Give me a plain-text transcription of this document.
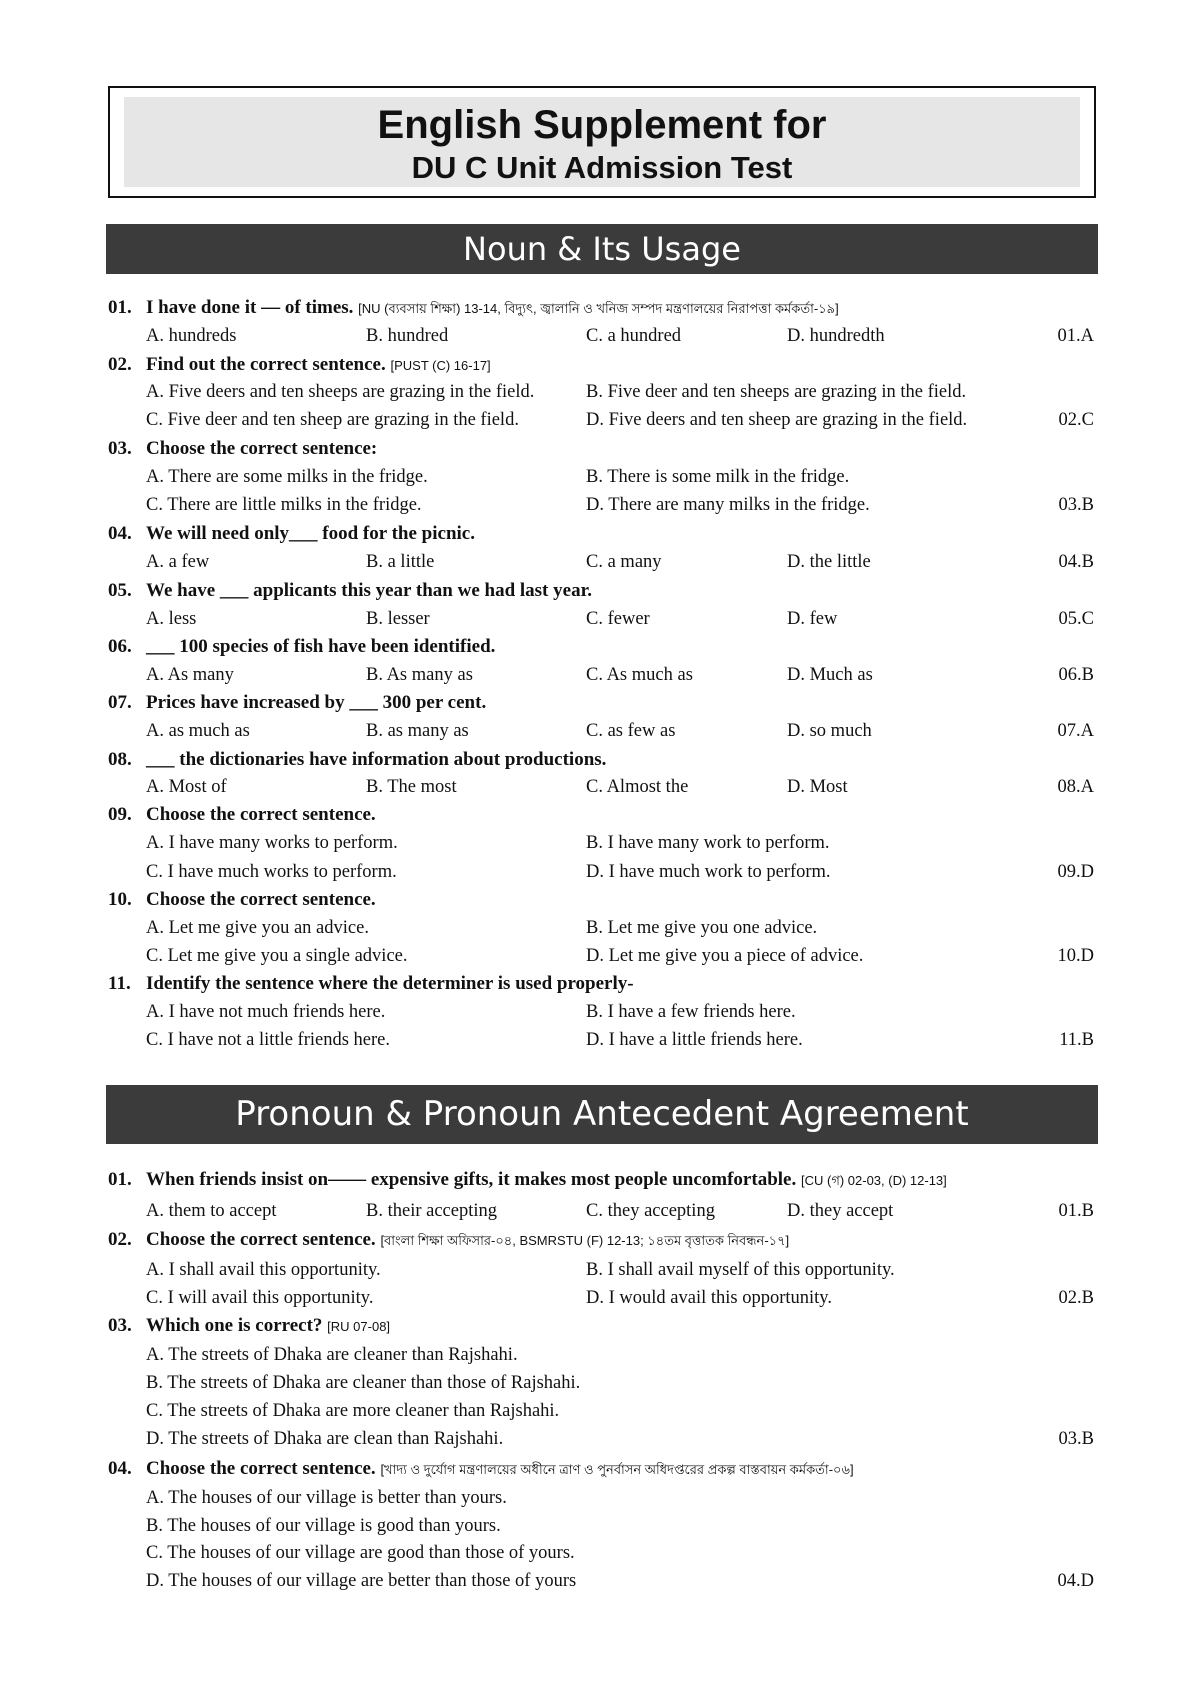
English Supplement for
DU C Unit Admission Test
Noun & Its Usage
01. I have done it — of times. [NU (ব্যবসায় শিক্ষা) 13-14, বিদ্যুৎ, জ্বালানি ও খনিজ সম্পদ মন্ত্রণালয়ের নিরাপত্তা কর্মকর্তা-১৯]
A. hundreds	B. hundred	C. a hundred	D. hundredth	01.A
02. Find out the correct sentence. [PUST (C) 16-17]
A. Five deers and ten sheeps are grazing in the field.	B. Five deer and ten sheeps are grazing in the field.
C. Five deer and ten sheep are grazing in the field.	D. Five deers and ten sheep are grazing in the field.	02.C
03. Choose the correct sentence:
A. There are some milks in the fridge.	B. There is some milk in the fridge.
C. There are little milks in the fridge.	D. There are many milks in the fridge.	03.B
04. We will need only___ food for the picnic.
A. a few	B. a little	C. a many	D. the little	04.B
05. We have ___ applicants this year than we had last year.
A. less	B. lesser	C. fewer	D. few	05.C
06. ___ 100 species of fish have been identified.
A. As many	B. As many as	C. As much as	D. Much as	06.B
07. Prices have increased by ___ 300 per cent.
A. as much as	B. as many as	C. as few as	D. so much	07.A
08. ___ the dictionaries have information about productions.
A. Most of	B. The most	C. Almost the	D. Most	08.A
09. Choose the correct sentence.
A. I have many works to perform.	B. I have many work to perform.
C. I have much works to perform.	D. I have much work to perform.	09.D
10. Choose the correct sentence.
A. Let me give you an advice.	B. Let me give you one advice.
C. Let me give you a single advice.	D. Let me give you a piece of advice.	10.D
11. Identify the sentence where the determiner is used properly-
A. I have not much friends here.	B. I have a few friends here.
C. I have not a little friends here.	D. I have a little friends here.	11.B
Pronoun & Pronoun Antecedent Agreement
01. When friends insist on—— expensive gifts, it makes most people uncomfortable. [CU (গ) 02-03, (D) 12-13]
A. them to accept	B. their accepting	C. they accepting	D. they accept	01.B
02. Choose the correct sentence. [বাংলা শিক্ষা অফিসার-০৪, BSMRSTU (F) 12-13; ১৪তম বৃত্তাতক নিবন্ধন-১৭]
A. I shall avail this opportunity.	B. I shall avail myself of this opportunity.
C. I will avail this opportunity.	D. I would avail this opportunity.	02.B
03. Which one is correct? [RU 07-08]
A. The streets of Dhaka are cleaner than Rajshahi.
B. The streets of Dhaka are cleaner than those of Rajshahi.
C. The streets of Dhaka are more cleaner than Rajshahi.
D. The streets of Dhaka are clean than Rajshahi.	03.B
04. Choose the correct sentence. [খাদ্য ও দুর্যোগ মন্ত্রণালয়ের অধীনে ত্রাণ ও পুনর্বাসন অধিদপ্তরের প্রকল্প বাস্তবায়ন কর্মকর্তা-০৬]
A. The houses of our village is better than yours.
B. The houses of our village is good than yours.
C. The houses of our village are good than those of yours.
D. The houses of our village are better than those of yours	04.D
